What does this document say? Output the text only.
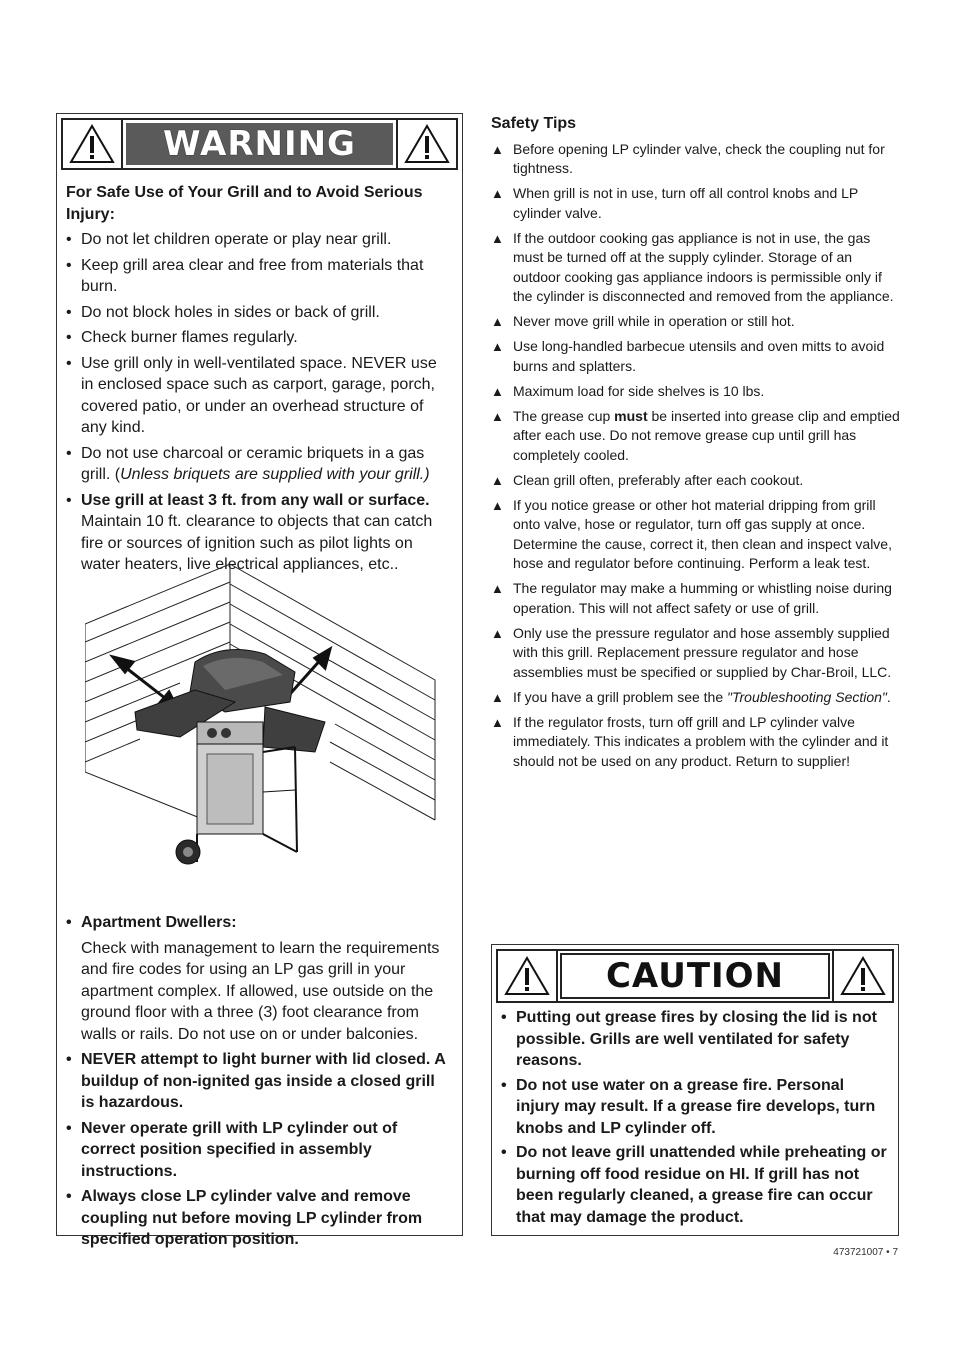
WARNING
For Safe Use of Your Grill and to Avoid Serious Injury:
• Do not let children operate or play near grill.
• Keep grill area clear and free from materials that burn.
• Do not block holes in sides or back of grill.
• Check burner flames regularly.
• Use grill only in well-ventilated space. NEVER use in enclosed space such as carport, garage, porch, covered patio, or under an overhead structure of any kind.
• Do not use charcoal or ceramic briquets in a gas grill. (Unless briquets are supplied with your grill.)
• Use grill at least 3 ft. from any wall or surface. Maintain 10 ft. clearance to objects that can catch fire or sources of ignition such as pilot lights on water heaters, live electrical appliances, etc..
• Apartment Dwellers:
Check with management to learn the requirements and fire codes for using an LP gas grill in your apartment complex. If allowed, use outside on the ground floor with a three (3) foot clearance from walls or rails. Do not use on or under balconies.
• NEVER attempt to light burner with lid closed. A buildup of non-ignited gas inside a closed grill is hazardous.
• Never operate grill with LP cylinder out of correct position specified in assembly instructions.
• Always close LP cylinder valve and remove coupling nut before moving LP cylinder from specified operation position.
Safety Tips
▲ Before opening LP cylinder valve, check the coupling nut for tightness.
▲ When grill is not in use, turn off all control knobs and LP cylinder valve.
▲ If the outdoor cooking gas appliance is not in use, the gas must be turned off at the supply cylinder. Storage of an outdoor cooking gas appliance indoors is permissible only if the cylinder is disconnected and removed from the appliance.
▲ Never move grill while in operation or still hot.
▲ Use long-handled barbecue utensils and oven mitts to avoid burns and splatters.
▲ Maximum load for side shelves is 10 lbs.
▲ The grease cup must be inserted into grease clip and emptied after each use. Do not remove grease cup until grill has completely cooled.
▲ Clean grill often, preferably after each cookout.
▲ If you notice grease or other hot material dripping from grill onto valve, hose or regulator, turn off gas supply at once. Determine the cause, correct it, then clean and inspect valve, hose and regulator before continuing. Perform a leak test.
▲ The regulator may make a humming or whistling noise during operation. This will not affect safety or use of grill.
▲ Only use the pressure regulator and hose assembly supplied with this grill. Replacement pressure regulator and hose assemblies must be specified or supplied by Char-Broil, LLC.
▲ If you have a grill problem see the "Troubleshooting Section".
▲ If the regulator frosts, turn off grill and LP cylinder valve immediately. This indicates a problem with the cylinder and it should not be used on any product. Return to supplier!
CAUTION
• Putting out grease fires by closing the lid is not possible. Grills are well ventilated for safety reasons.
• Do not use water on a grease fire. Personal injury may result. If a grease fire develops, turn knobs and LP cylinder off.
• Do not leave grill unattended while preheating or burning off food residue on HI. If grill has not been regularly cleaned, a grease fire can occur that may damage the product.
473721007 • 7
